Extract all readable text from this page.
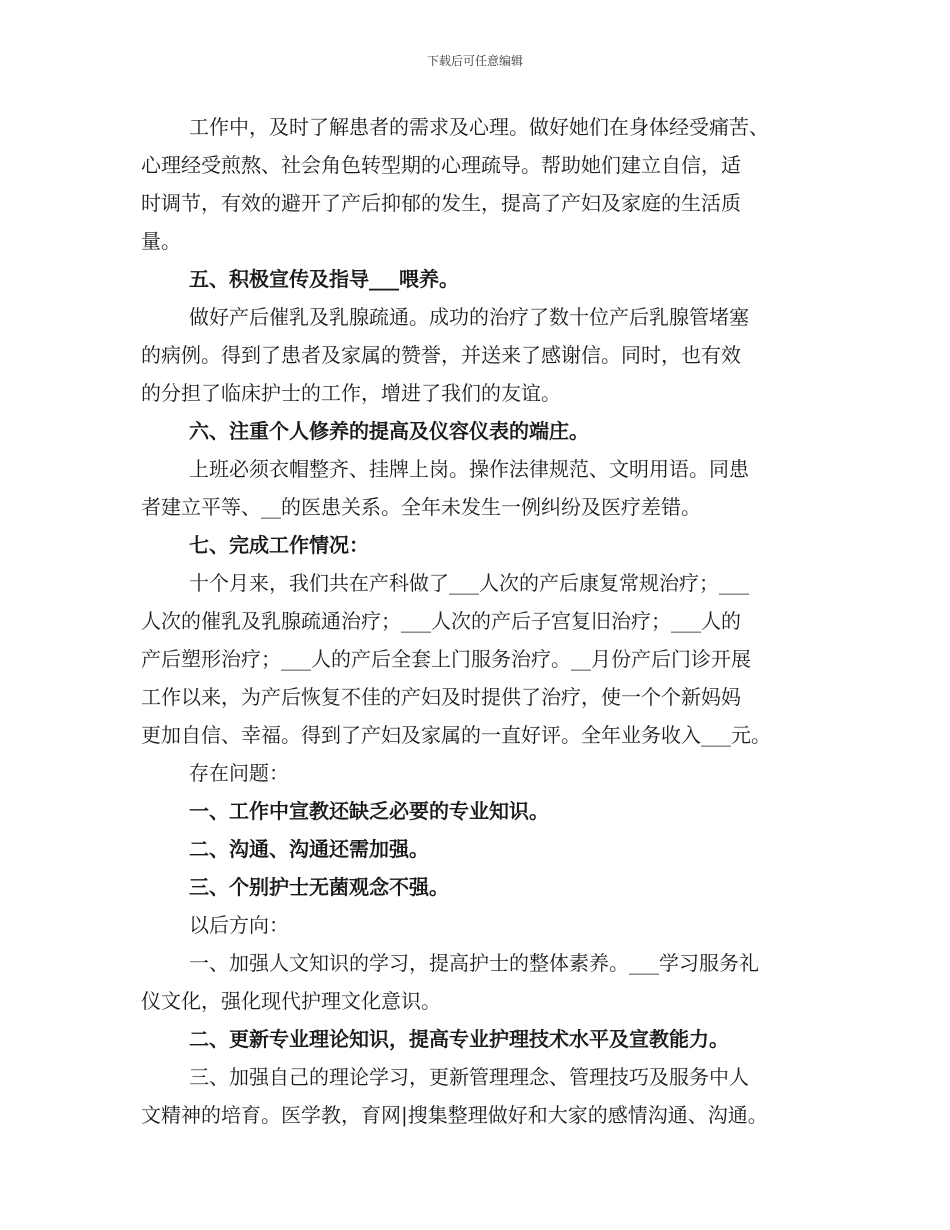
下载后可任意编辑
工作中，及时了解患者的需求及心理。做好她们在身体经受痛苦、
心理经受煎熬、社会角色转型期的心理疏导。帮助她们建立自信，适
时调节，有效的避开了产后抑郁的发生，提高了产妇及家庭的生活质
量。
五、积极宣传及指导___喂养。
做好产后催乳及乳腺疏通。成功的治疗了数十位产后乳腺管堵塞
的病例。得到了患者及家属的赞誉，并送来了感谢信。同时，也有效
的分担了临床护士的工作，增进了我们的友谊。
六、注重个人修养的提高及仪容仪表的端庄。
上班必须衣帽整齐、挂牌上岗。操作法律规范、文明用语。同患
者建立平等、__的医患关系。全年未发生一例纠纷及医疗差错。
七、完成工作情况：
十个月来，我们共在产科做了___人次的产后康复常规治疗；___
人次的催乳及乳腺疏通治疗；___人次的产后子宫复旧治疗；___人的
产后塑形治疗；___人的产后全套上门服务治疗。__月份产后门诊开展
工作以来，为产后恢复不佳的产妇及时提供了治疗，使一个个新妈妈
更加自信、幸福。得到了产妇及家属的一直好评。全年业务收入___元。
存在问题：
一、工作中宣教还缺乏必要的专业知识。
二、沟通、沟通还需加强。
三、个别护士无菌观念不强。
以后方向：
一、加强人文知识的学习，提高护士的整体素养。___学习服务礼
仪文化，强化现代护理文化意识。
二、更新专业理论知识，提高专业护理技术水平及宣教能力。
三、加强自己的理论学习，更新管理理念、管理技巧及服务中人
文精神的培育。医学教，育网|搜集整理做好和大家的感情沟通、沟通。
